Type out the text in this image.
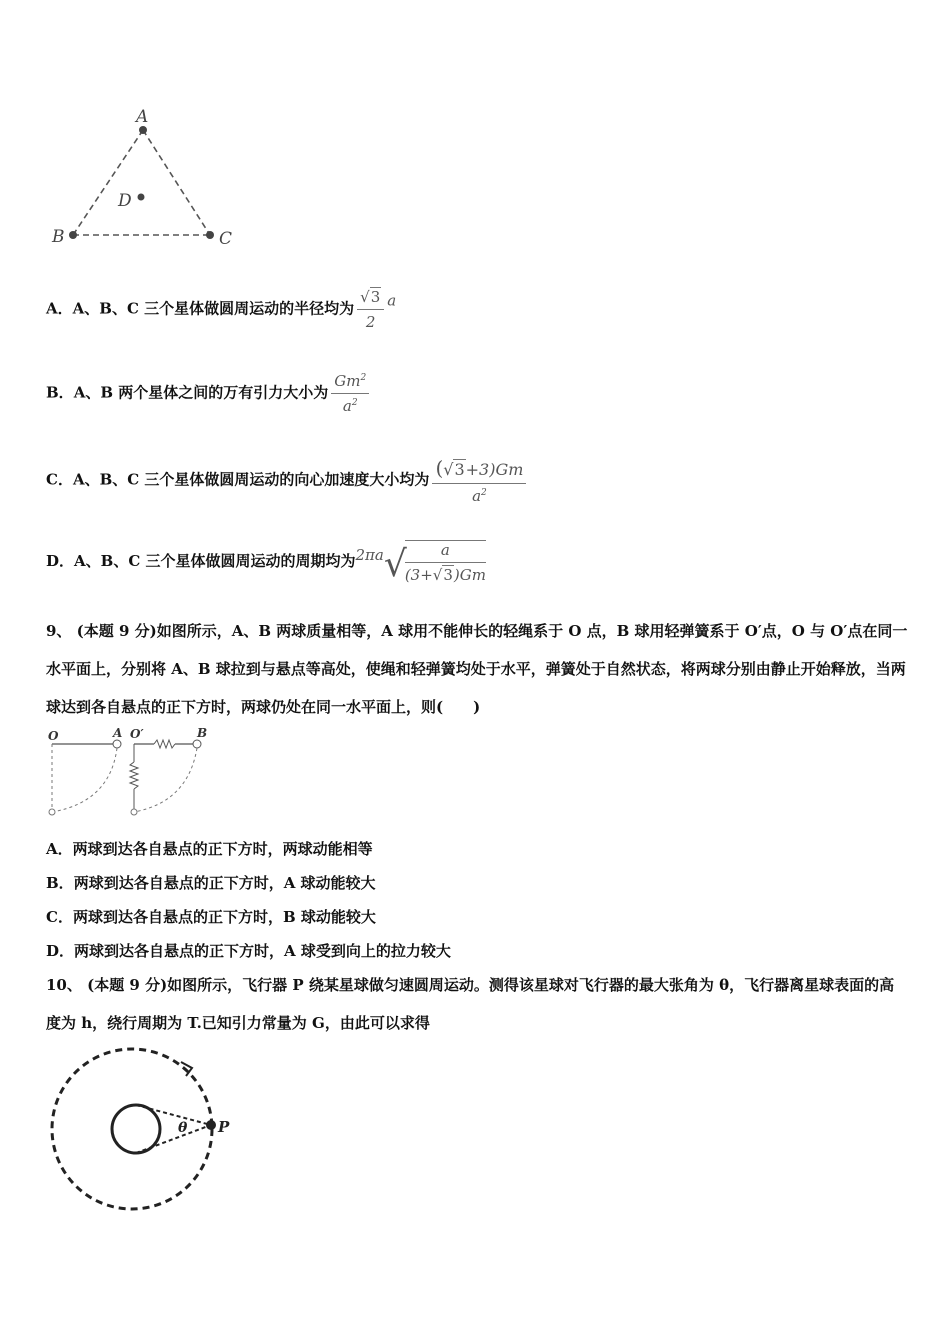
A
B	C
D
A．A、B、C 三个星体做圆周运动的半径均为 $\frac{√3}{2}$ a
B．A、B 两个星体之间的万有引力大小为 $\frac{Gm^2}{a^2}$
C．A、B、C 三个星体做圆周运动的向心加速度大小均为 $\frac{(√3+3)Gm}{a^2}$
D．A、B、C 三个星体做圆周运动的周期均为2πa√
$\frac{a}{(3+√3)Gm}$
9、 (本题 9 分)如图所示，A、B 两球质量相等，A 球用不能伸长的轻绳系于 O 点，B 球用轻弹簧系于 O′点，O 与 O′点在同一水平面上，分别将 A、B 球拉到与悬点等高处，使绳和轻弹簧均处于水平，弹簧处于自然状态，将两球分别由静止开始释放，当两球达到各自悬点的正下方时，两球仍处在同一水平面上，则(　　)
O	A O′	B
A．两球到达各自悬点的正下方时，两球动能相等
B．两球到达各自悬点的正下方时，A 球动能较大
C．两球到达各自悬点的正下方时，B 球动能较大
D．两球到达各自悬点的正下方时，A 球受到向上的拉力较大
10、 (本题 9 分)如图所示，飞行器 P 绕某星球做匀速圆周运动。测得该星球对飞行器的最大张角为 θ，飞行器离星球表面的高度为 h，绕行周期为 T.已知引力常量为 G，由此可以求得
θ P
